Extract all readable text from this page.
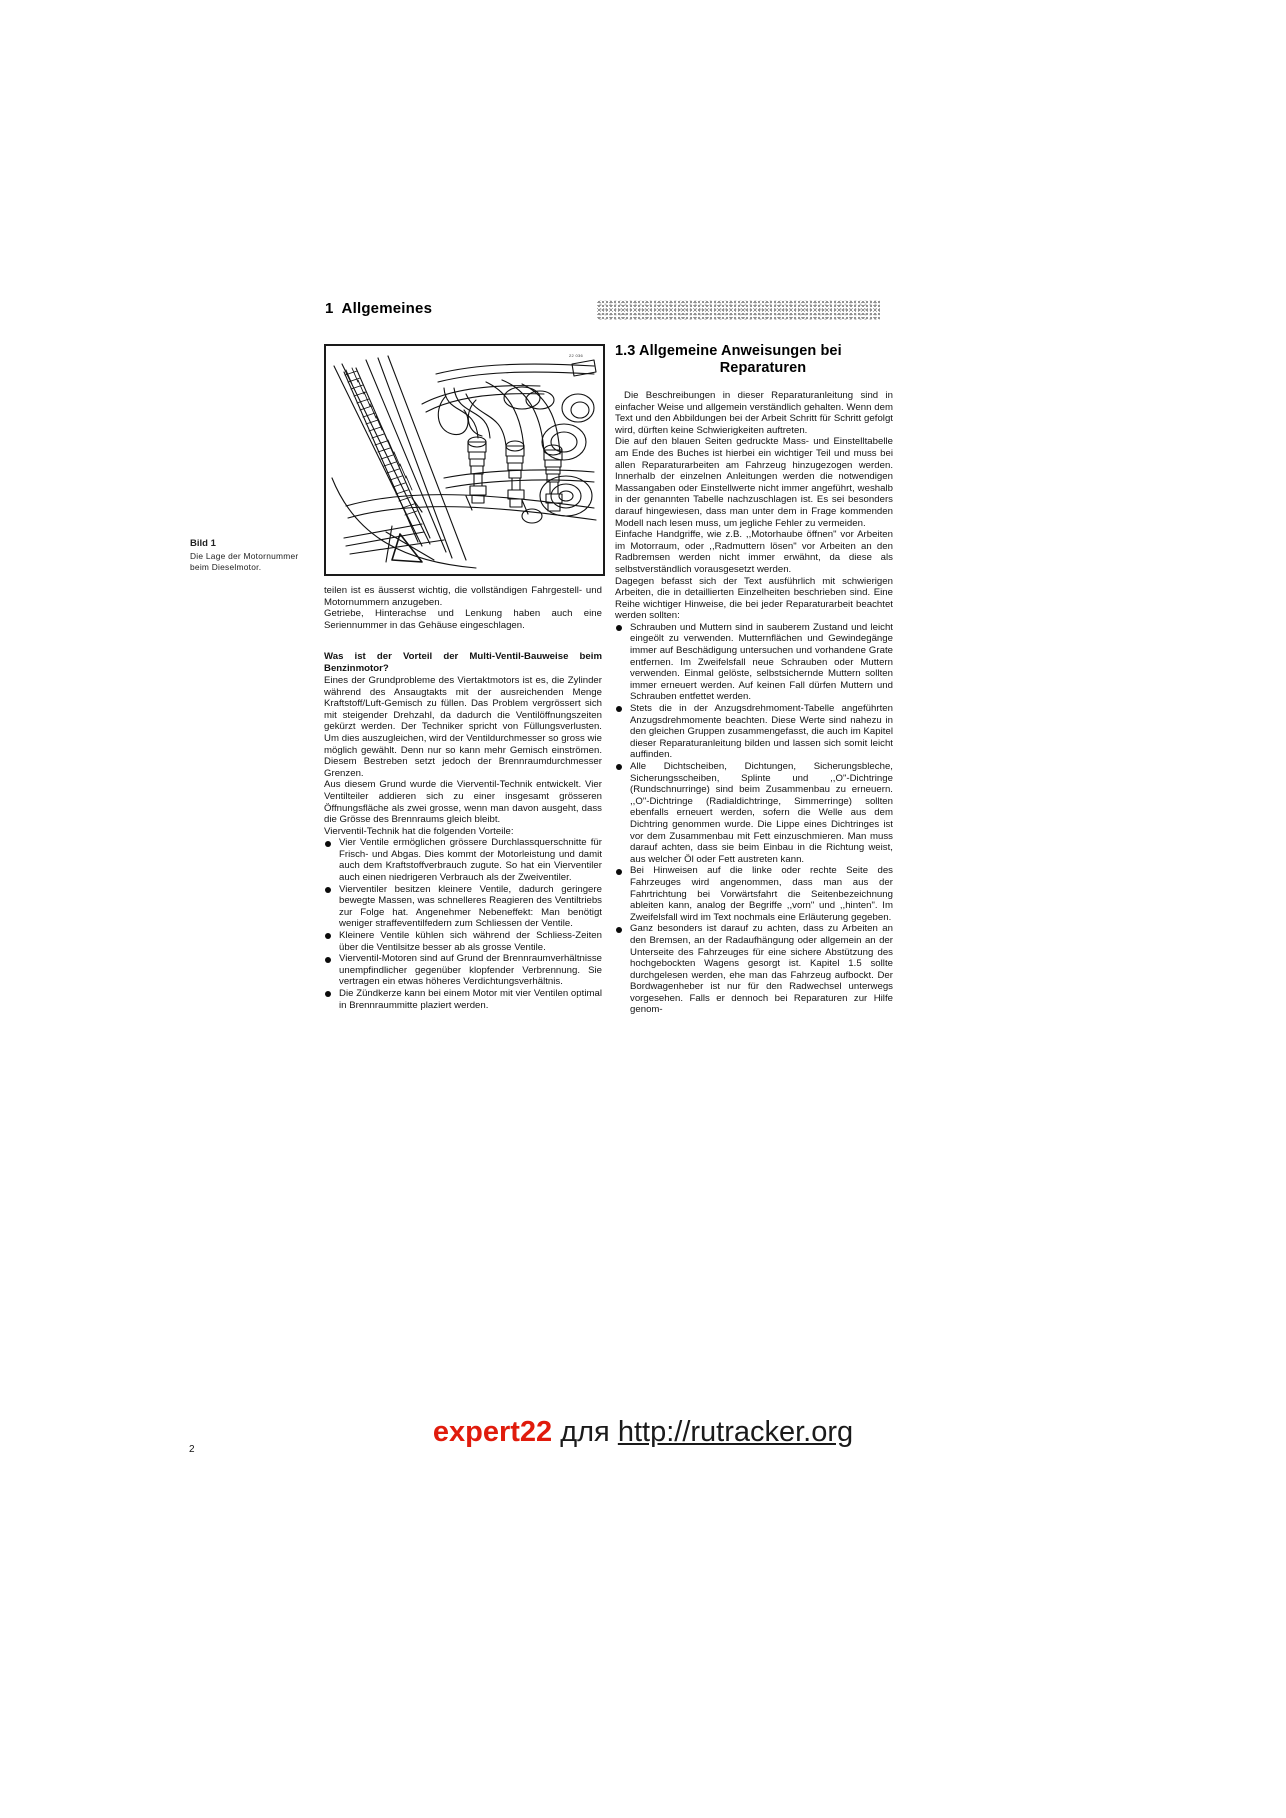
1 Allgemeines
22 036
Bild 1
Die Lage der Motornummer beim Dieselmotor.

teilen ist es äusserst wichtig, die vollständigen Fahrgestell- und Motornummern anzugeben.

Getriebe, Hinterachse und Lenkung haben auch eine Seriennummer in das Gehäuse eingeschlagen.

Was ist der Vorteil der Multi-Ventil-Bauweise beim Benzinmotor?

Eines der Grundprobleme des Viertaktmotors ist es, die Zylinder während des Ansaugtakts mit der ausreichenden Menge Kraftstoff/Luft-Gemisch zu füllen. Das Problem vergrössert sich mit steigender Drehzahl, da dadurch die Ventilöffnungszeiten gekürzt werden. Der Techniker spricht von Füllungsverlusten. Um dies auszugleichen, wird der Ventildurchmesser so gross wie möglich gewählt. Denn nur so kann mehr Gemisch einströmen. Diesem Bestreben setzt jedoch der Brennraumdurchmesser Grenzen.

Aus diesem Grund wurde die Vierventil-Technik entwickelt. Vier Ventilteiler addieren sich zu einer insgesamt grösseren Öffnungsfläche als zwei grosse, wenn man davon ausgeht, dass die Grösse des Brennraums gleich bleibt.

Vierventil-Technik hat die folgenden Vorteile:

Vier Ventile ermöglichen grössere Durchlassquerschnitte für Frisch- und Abgas. Dies kommt der Motorleistung und damit auch dem Kraftstoffverbrauch zugute. So hat ein Vierventiler auch einen niedrigeren Verbrauch als der Zweiventiler.

Vierventiler besitzen kleinere Ventile, dadurch geringere bewegte Massen, was schnelleres Reagieren des Ventiltriebs zur Folge hat. Angenehmer Nebeneffekt: Man benötigt weniger straffeventilfedern zum Schliessen der Ventile.

Kleinere Ventile kühlen sich während der Schliess-Zeiten über die Ventilsitze besser ab als grosse Ventile.

Vierventil-Motoren sind auf Grund der Brennraumverhältnisse unempfindlicher gegenüber klopfender Verbrennung. Sie vertragen ein etwas höheres Verdichtungsverhältnis.

Die Zündkerze kann bei einem Motor mit vier Ventilen optimal in Brennraummitte plaziert werden.

1.3 Allgemeine Anweisungen bei
Reparaturen

Die Beschreibungen in dieser Reparaturanleitung sind in einfacher Weise und allgemein verständlich gehalten. Wenn dem Text und den Abbildungen bei der Arbeit Schritt für Schritt gefolgt wird, dürften keine Schwierigkeiten auftreten.

Die auf den blauen Seiten gedruckte Mass- und Einstelltabelle am Ende des Buches ist hierbei ein wichtiger Teil und muss bei allen Reparaturarbeiten am Fahrzeug hinzugezogen werden. Innerhalb der einzelnen Anleitungen werden die notwendigen Massangaben oder Einstellwerte nicht immer angeführt, weshalb in der genannten Tabelle nachzuschlagen ist. Es sei besonders darauf hingewiesen, dass man unter dem in Frage kommenden Modell nach lesen muss, um jegliche Fehler zu vermeiden.

Einfache Handgriffe, wie z.B. ,,Motorhaube öffnen" vor Arbeiten im Motorraum, oder ,,Radmuttern lösen" vor Arbeiten an den Radbremsen werden nicht immer erwähnt, da diese als selbstverständlich vorausgesetzt werden.

Dagegen befasst sich der Text ausführlich mit schwierigen Arbeiten, die in detaillierten Einzelheiten beschrieben sind. Eine Reihe wichtiger Hinweise, die bei jeder Reparaturarbeit beachtet werden sollten:

Schrauben und Muttern sind in sauberem Zustand und leicht eingeölt zu verwenden. Mutternflächen und Gewindegänge immer auf Beschädigung untersuchen und vorhandene Grate entfernen. Im Zweifelsfall neue Schrauben oder Muttern verwenden. Einmal gelöste, selbstsichernde Muttern sollten immer erneuert werden. Auf keinen Fall dürfen Muttern und Schrauben entfettet werden.

Stets die in der Anzugsdrehmoment-Tabelle angeführten Anzugsdrehmomente beachten. Diese Werte sind nahezu in den gleichen Gruppen zusammengefasst, die auch im Kapitel dieser Reparaturanleitung bilden und lassen sich somit leicht auffinden.

Alle Dichtscheiben, Dichtungen, Sicherungsbleche, Sicherungsscheiben, Splinte und ,,O"-Dichtringe (Rundschnurringe) sind beim Zusammenbau zu erneuern. ,,O"-Dichtringe (Radialdichtringe, Simmerringe) sollten ebenfalls erneuert werden, sofern die Welle aus dem Dichtring genommen wurde. Die Lippe eines Dichtringes ist vor dem Zusammenbau mit Fett einzuschmieren. Man muss darauf achten, dass sie beim Einbau in die Richtung weist, aus welcher Öl oder Fett austreten kann.

Bei Hinweisen auf die linke oder rechte Seite des Fahrzeuges wird angenommen, dass man aus der Fahrtrichtung bei Vorwärtsfahrt die Seitenbezeichnung ableiten kann, analog der Begriffe ,,vorn" und ,,hinten". Im Zweifelsfall wird im Text nochmals eine Erläuterung gegeben.

Ganz besonders ist darauf zu achten, dass zu Arbeiten an den Bremsen, an der Radaufhängung oder allgemein an der Unterseite des Fahrzeuges für eine sichere Abstützung des hochgebockten Wagens gesorgt ist. Kapitel 1.5 sollte durchgelesen werden, ehe man das Fahrzeug aufbockt. Der Bordwagenheber ist nur für den Radwechsel unterwegs vorgesehen. Falls er dennoch bei Reparaturen zur Hilfe genom-

2
expert22 для http://rutracker.org
